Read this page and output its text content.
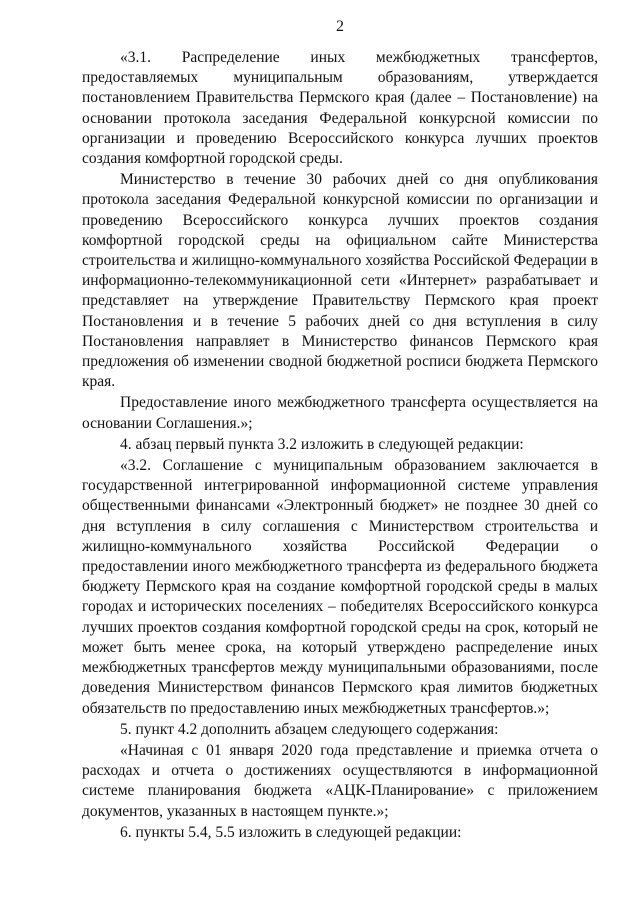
2

«3.1. Распределение иных межбюджетных трансфертов, предоставляемых муниципальным образованиям, утверждается постановлением Правительства Пермского края (далее – Постановление) на основании протокола заседания Федеральной конкурсной комиссии по организации и проведению Всероссийского конкурса лучших проектов создания комфортной городской среды.

Министерство в течение 30 рабочих дней со дня опубликования протокола заседания Федеральной конкурсной комиссии по организации и проведению Всероссийского конкурса лучших проектов создания комфортной городской среды на официальном сайте Министерства строительства и жилищно-коммунального хозяйства Российской Федерации в информационно-телекоммуникационной сети «Интернет» разрабатывает и представляет на утверждение Правительству Пермского края проект Постановления и в течение 5 рабочих дней со дня вступления в силу Постановления направляет в Министерство финансов Пермского края предложения об изменении сводной бюджетной росписи бюджета Пермского края.

Предоставление иного межбюджетного трансферта осуществляется на основании Соглашения.»;

4. абзац первый пункта 3.2 изложить в следующей редакции:

«3.2. Соглашение с муниципальным образованием заключается в государственной интегрированной информационной системе управления общественными финансами «Электронный бюджет» не позднее 30 дней со дня вступления в силу соглашения с Министерством строительства и жилищно-коммунального хозяйства Российской Федерации о предоставлении иного межбюджетного трансферта из федерального бюджета бюджету Пермского края на создание комфортной городской среды в малых городах и исторических поселениях – победителях Всероссийского конкурса лучших проектов создания комфортной городской среды на срок, который не может быть менее срока, на который утверждено распределение иных межбюджетных трансфертов между муниципальными образованиями, после доведения Министерством финансов Пермского края лимитов бюджетных обязательств по предоставлению иных межбюджетных трансфертов.»;

5. пункт 4.2 дополнить абзацем следующего содержания:

«Начиная с 01 января 2020 года представление и приемка отчета о расходах и отчета о достижениях осуществляются в информационной системе планирования бюджета «АЦК-Планирование» с приложением документов, указанных в настоящем пункте.»;

6. пункты 5.4, 5.5 изложить в следующей редакции:
